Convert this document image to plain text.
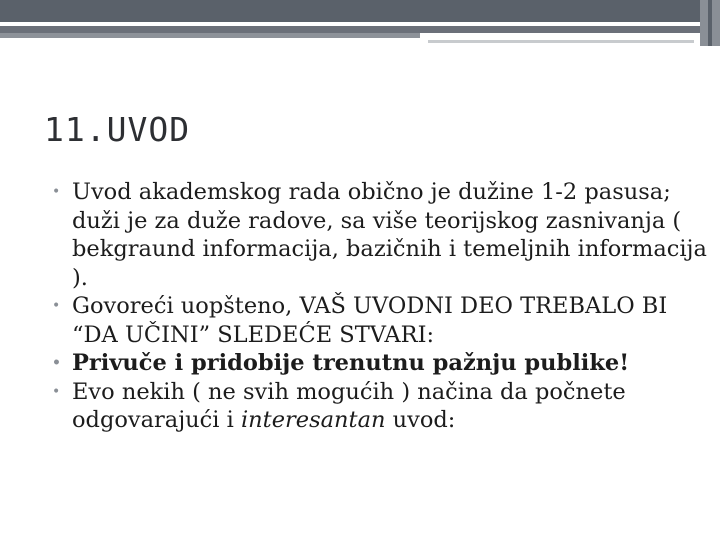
11.UVOD
• Uvod akademskog rada obično je dužine 1-2 pasusa; duži je za duže radove, sa više teorijskog zasnivanja ( bekgraund informacija, bazičnih i temeljnih informacija ).
• Govoreći uopšteno, VAŠ UVODNI DEO TREBALO BI “DA UČINI” SLEDEĆE STVARI:
• Privuče i pridobije trenutnu pažnju publike!
• Evo nekih ( ne svih mogućih ) načina da počnete odgovarajući i interesantan uvod:
